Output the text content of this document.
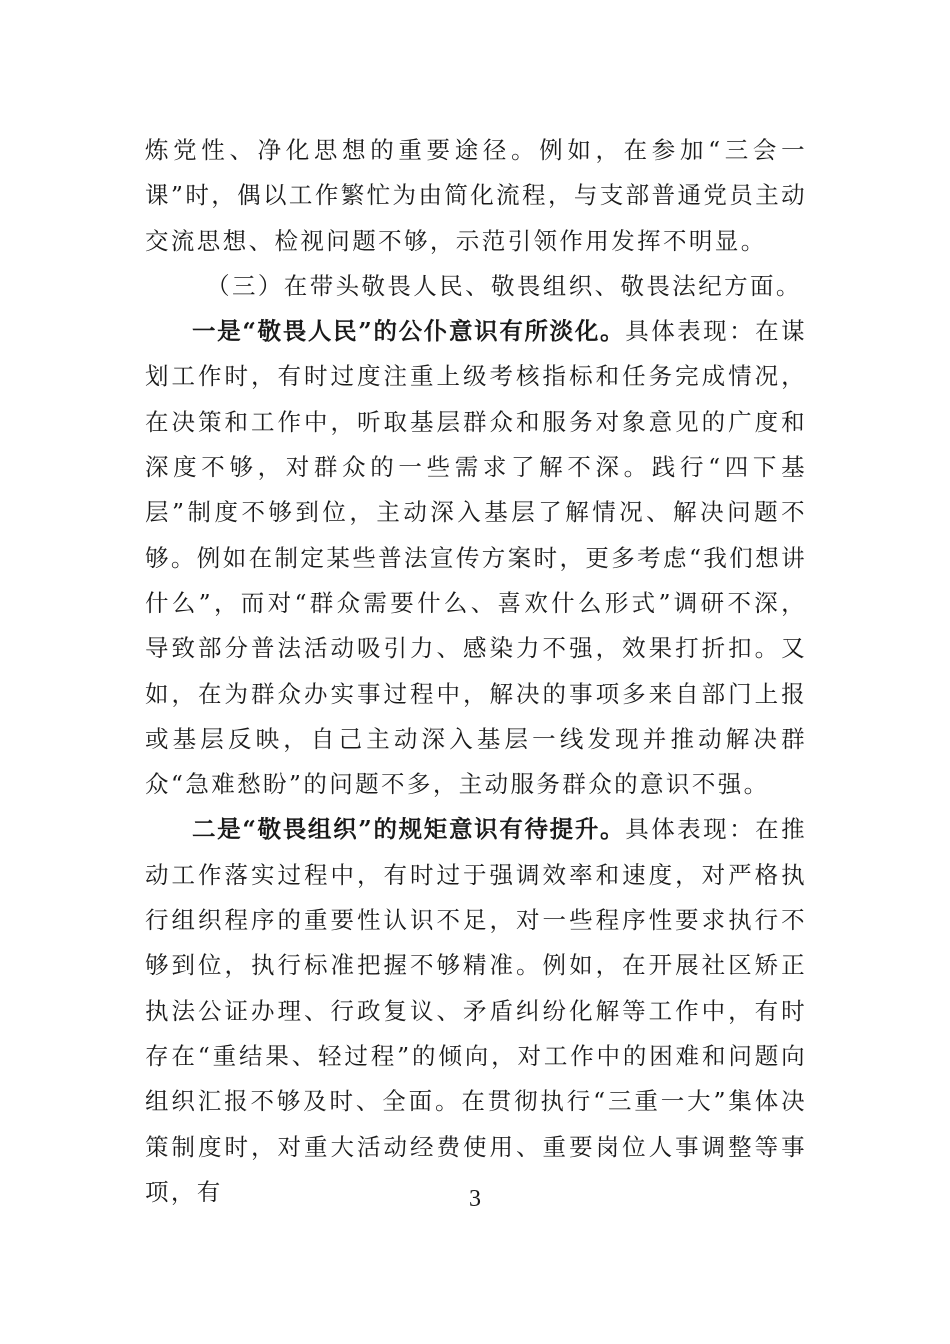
炼党性、净化思想的重要途径。例如，在参加“三会一课”时，偶以工作繁忙为由简化流程，与支部普通党员主动交流思想、检视问题不够，示范引领作用发挥不明显。

（三）在带头敬畏人民、敬畏组织、敬畏法纪方面。

一是“敬畏人民”的公仆意识有所淡化。具体表现：在谋划工作时，有时过度注重上级考核指标和任务完成情况，在决策和工作中，听取基层群众和服务对象意见的广度和深度不够，对群众的一些需求了解不深。践行“四下基层”制度不够到位，主动深入基层了解情况、解决问题不够。例如在制定某些普法宣传方案时，更多考虑“我们想讲什么”，而对“群众需要什么、喜欢什么形式”调研不深，导致部分普法活动吸引力、感染力不强，效果打折扣。又如，在为群众办实事过程中，解决的事项多来自部门上报或基层反映，自己主动深入基层一线发现并推动解决群众“急难愁盼”的问题不多，主动服务群众的意识不强。

二是“敬畏组织”的规矩意识有待提升。具体表现：在推动工作落实过程中，有时过于强调效率和速度，对严格执行组织程序的重要性认识不足，对一些程序性要求执行不够到位，执行标准把握不够精准。例如，在开展社区矫正执法公证办理、行政复议、矛盾纠纷化解等工作中，有时存在“重结果、轻过程”的倾向，对工作中的困难和问题向组织汇报不够及时、全面。在贯彻执行“三重一大”集体决策制度时，对重大活动经费使用、重要岗位人事调整等事项，有	3
